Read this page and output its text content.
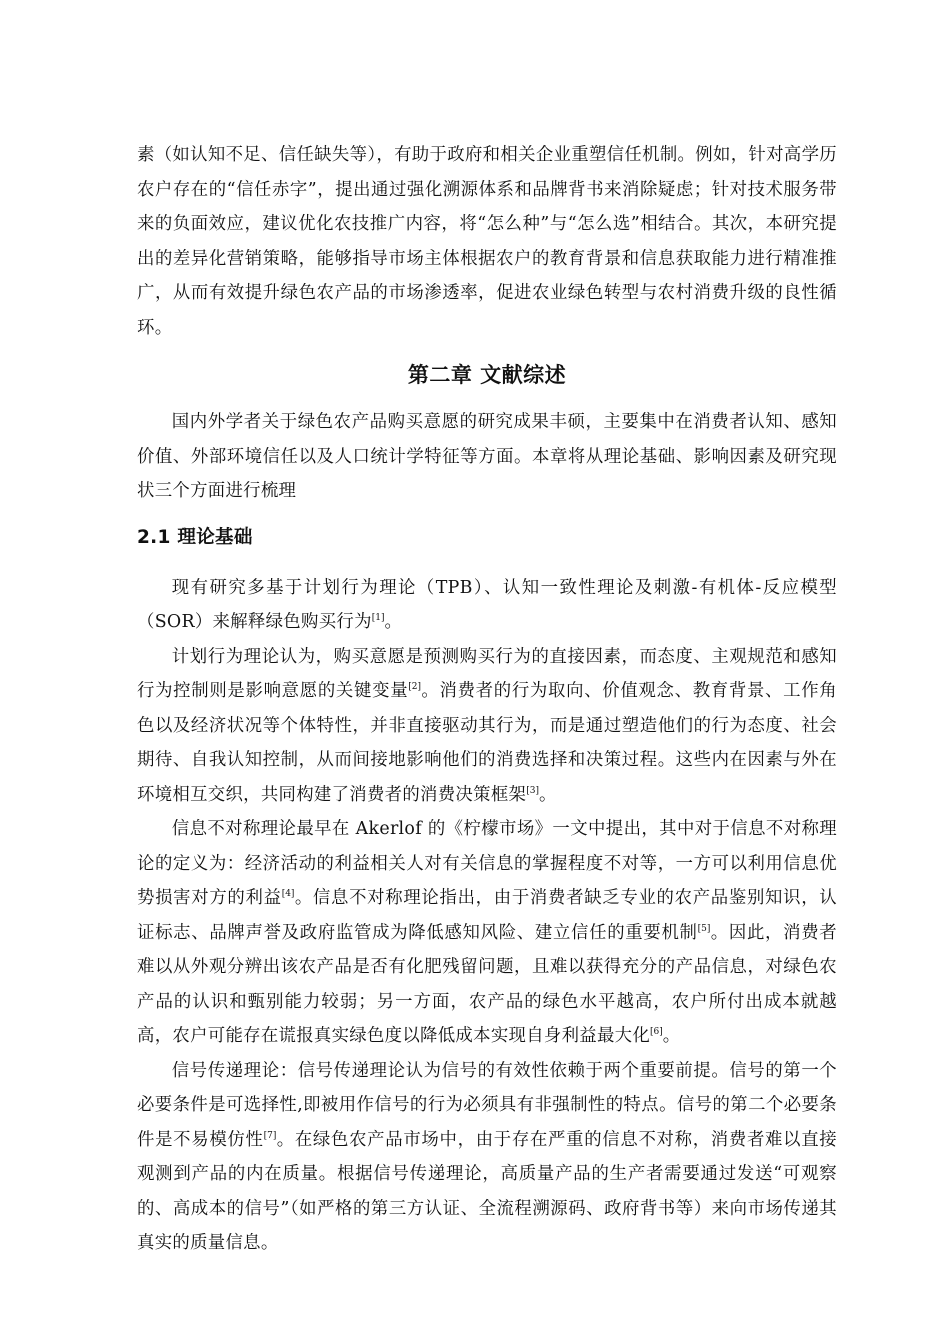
素（如认知不足、信任缺失等），有助于政府和相关企业重塑信任机制。例如，针对高学历农户存在的“信任赤字”，提出通过强化溯源体系和品牌背书来消除疑虑；针对技术服务带来的负面效应，建议优化农技推广内容，将“怎么种”与“怎么选”相结合。其次，本研究提出的差异化营销策略，能够指导市场主体根据农户的教育背景和信息获取能力进行精准推广，从而有效提升绿色农产品的市场渗透率，促进农业绿色转型与农村消费升级的良性循环。

第二章 文献综述

国内外学者关于绿色农产品购买意愿的研究成果丰硕，主要集中在消费者认知、感知价值、外部环境信任以及人口统计学特征等方面。本章将从理论基础、影响因素及研究现状三个方面进行梳理

2.1 理论基础

现有研究多基于计划行为理论（TPB）、认知一致性理论及刺激-有机体-反应模型（SOR）来解释绿色购买行为[1]。

计划行为理论认为，购买意愿是预测购买行为的直接因素，而态度、主观规范和感知行为控制则是影响意愿的关键变量[2]。消费者的行为取向、价值观念、教育背景、工作角色以及经济状况等个体特性，并非直接驱动其行为，而是通过塑造他们的行为态度、社会期待、自我认知控制，从而间接地影响他们的消费选择和决策过程。这些内在因素与外在环境相互交织，共同构建了消费者的消费决策框架[3]。

信息不对称理论最早在 Akerlof 的《柠檬市场》一文中提出，其中对于信息不对称理论的定义为：经济活动的利益相关人对有关信息的掌握程度不对等，一方可以利用信息优势损害对方的利益[4]。信息不对称理论指出，由于消费者缺乏专业的农产品鉴别知识，认证标志、品牌声誉及政府监管成为降低感知风险、建立信任的重要机制[5]。因此，消费者难以从外观分辨出该农产品是否有化肥残留问题，且难以获得充分的产品信息，对绿色农产品的认识和甄别能力较弱；另一方面，农产品的绿色水平越高，农户所付出成本就越高，农户可能存在谎报真实绿色度以降低成本实现自身利益最大化[6]。

信号传递理论：信号传递理论认为信号的有效性依赖于两个重要前提。信号的第一个必要条件是可选择性,即被用作信号的行为必须具有非强制性的特点。信号的第二个必要条件是不易模仿性[7]。在绿色农产品市场中，由于存在严重的信息不对称，消费者难以直接观测到产品的内在质量。根据信号传递理论，高质量产品的生产者需要通过发送“可观察的、高成本的信号”（如严格的第三方认证、全流程溯源码、政府背书等）来向市场传递其真实的质量信息。
